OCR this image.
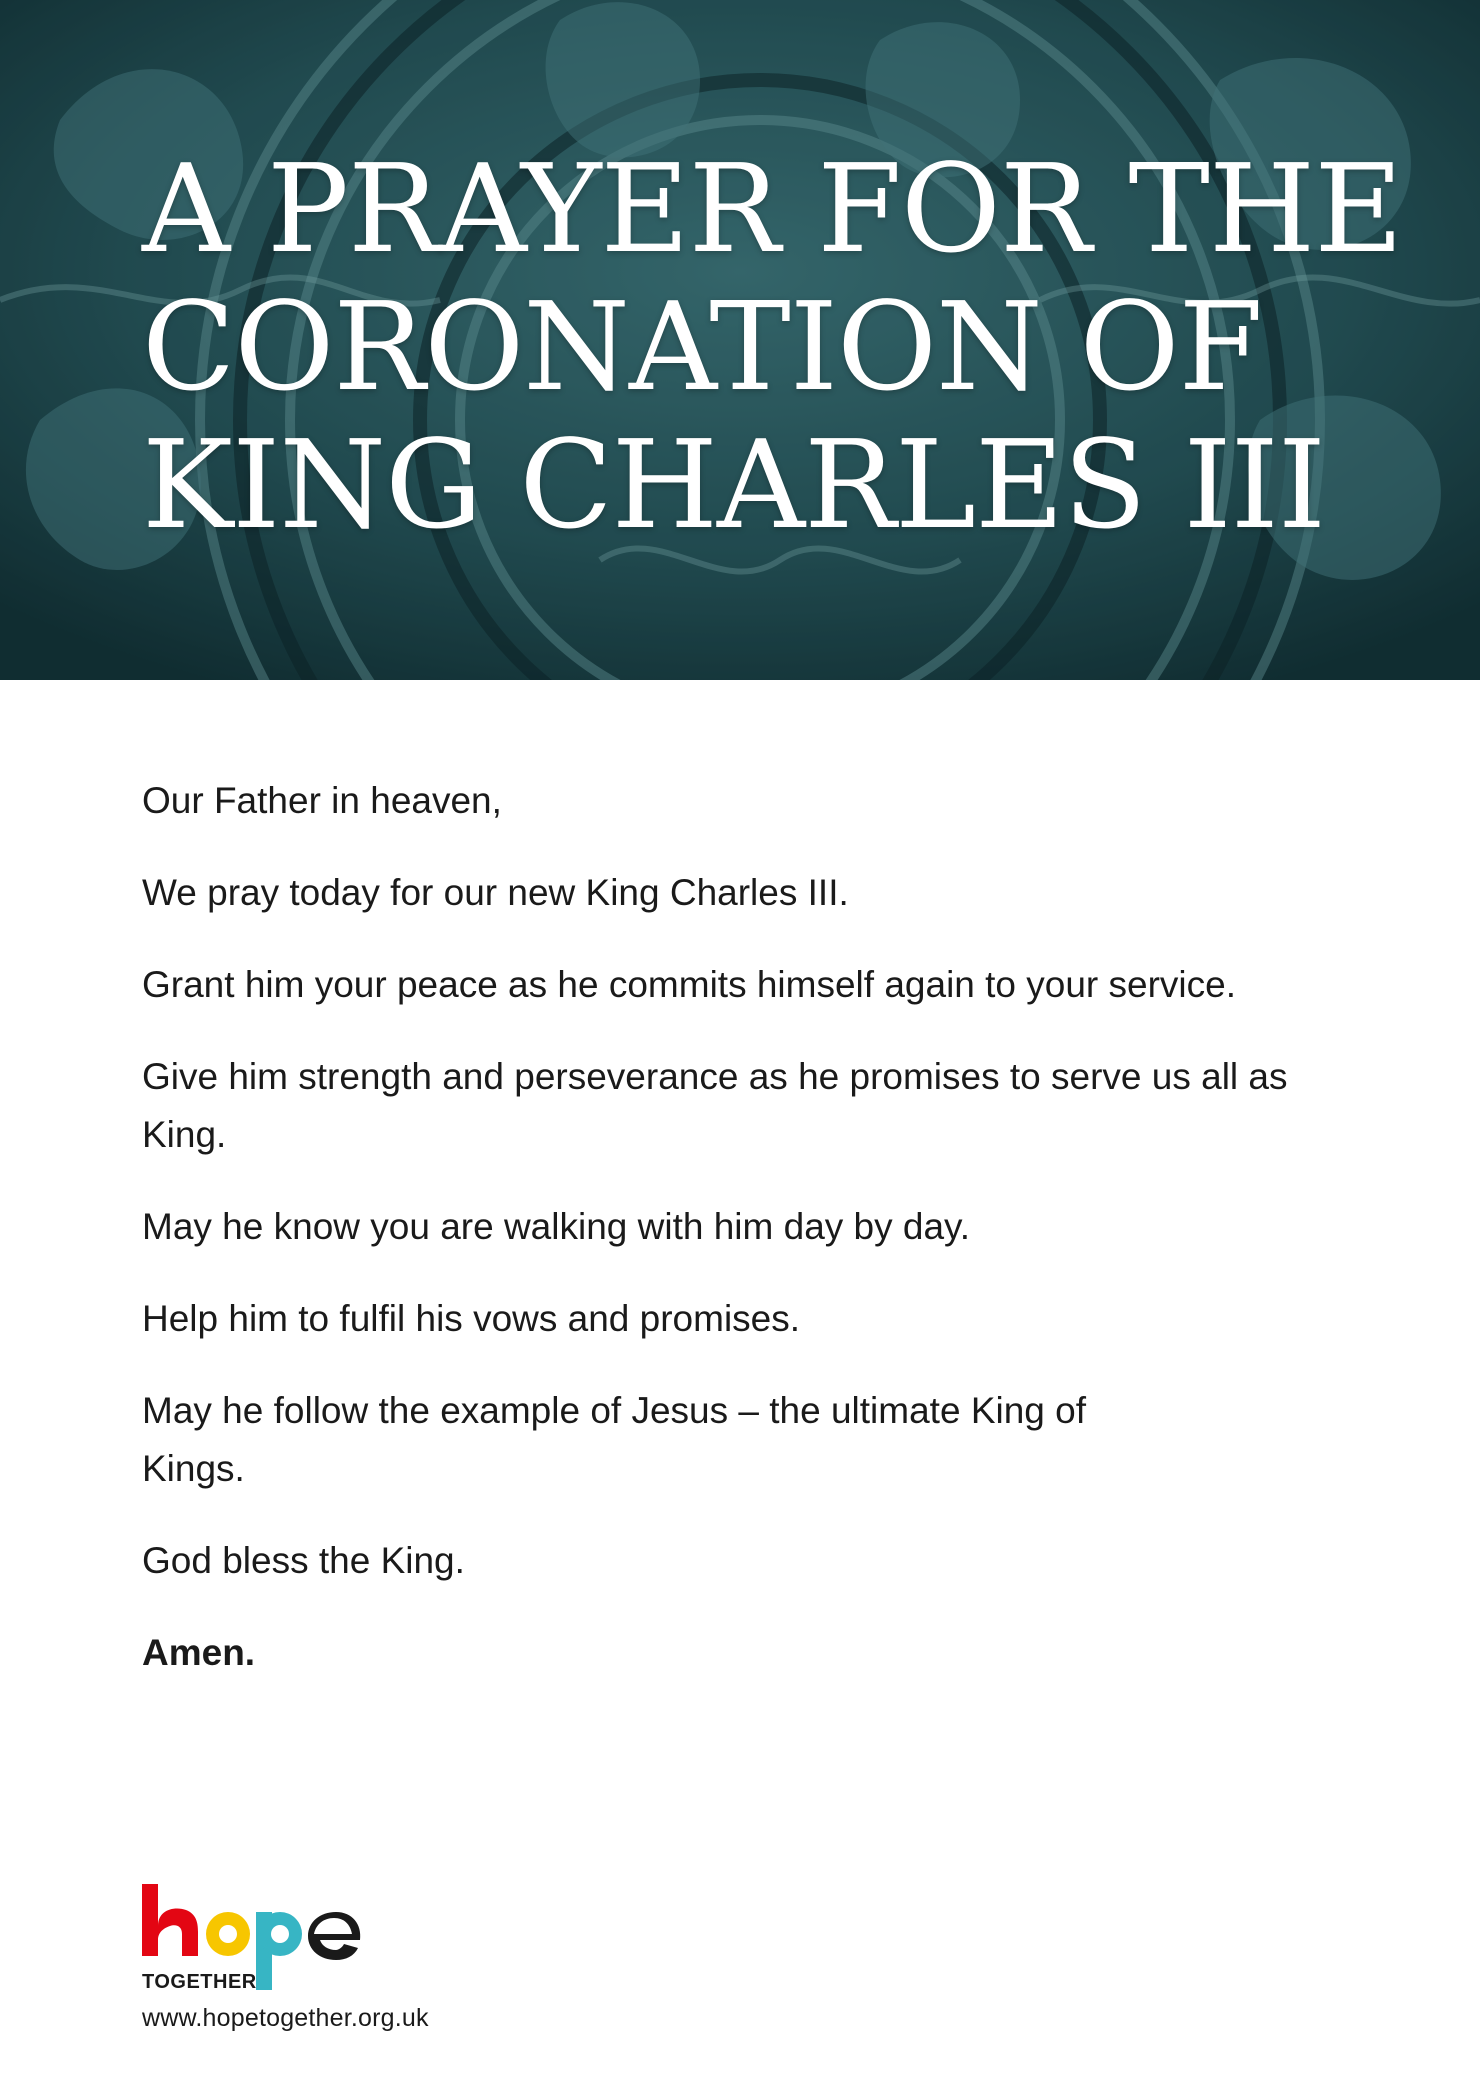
A PRAYER FOR THE
CORONATION OF
KING CHARLES III

Our Father in heaven,

We pray today for our new King Charles III.

Grant him your peace as he commits himself again to your service.

Give him strength and perseverance as he promises to serve us all as King.

May he know you are walking with him day by day.

Help him to fulfil his vows and promises.

May he follow the example of Jesus – the ultimate King of Kings.

God bless the King.

Amen.

TOGETHER
www.hopetogether.org.uk
